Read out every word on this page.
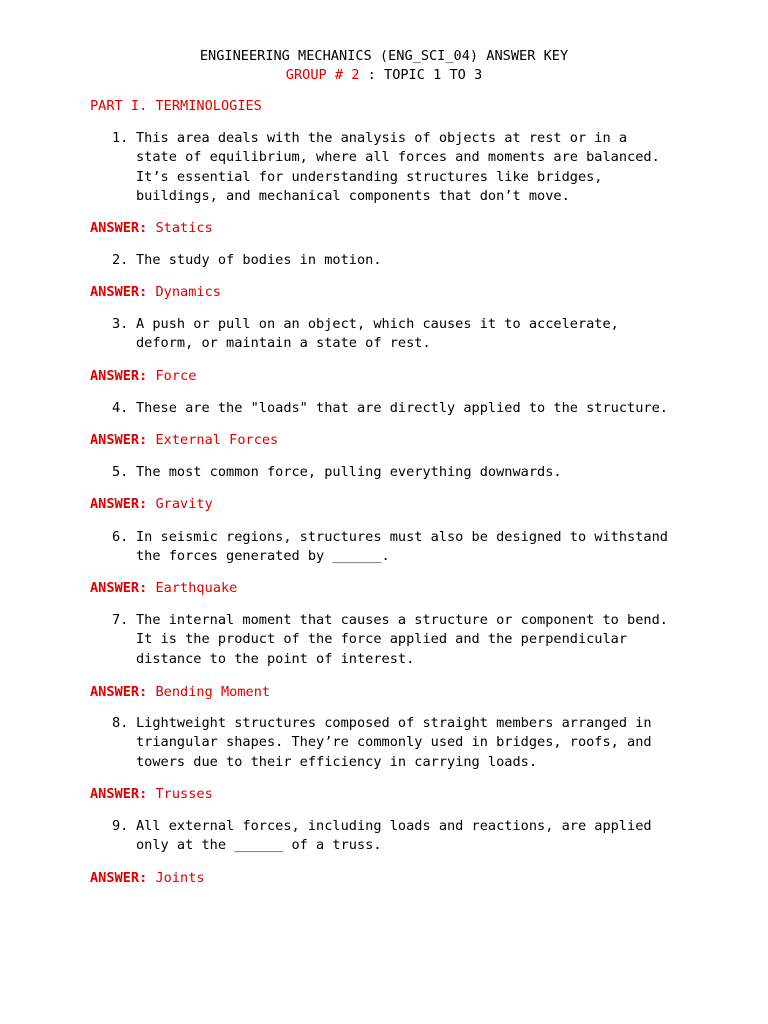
ENGINEERING MECHANICS (ENG_SCI_04) ANSWER KEY
GROUP # 2 : TOPIC 1 TO 3
PART I. TERMINOLOGIES
1. This area deals with the analysis of objects at rest or in a
state of equilibrium, where all forces and moments are balanced.
It’s essential for understanding structures like bridges,
buildings, and mechanical components that don’t move.
ANSWER: Statics
2. The study of bodies in motion.
ANSWER: Dynamics
3. A push or pull on an object, which causes it to accelerate,
deform, or maintain a state of rest.
ANSWER: Force
4. These are the "loads" that are directly applied to the structure.
ANSWER: External Forces
5. The most common force, pulling everything downwards.
ANSWER: Gravity
6. In seismic regions, structures must also be designed to withstand
the forces generated by ______.
ANSWER: Earthquake
7. The internal moment that causes a structure or component to bend.
It is the product of the force applied and the perpendicular
distance to the point of interest.
ANSWER: Bending Moment
8. Lightweight structures composed of straight members arranged in
triangular shapes. They’re commonly used in bridges, roofs, and
towers due to their efficiency in carrying loads.
ANSWER: Trusses
9. All external forces, including loads and reactions, are applied
only at the ______ of a truss.
ANSWER: Joints
